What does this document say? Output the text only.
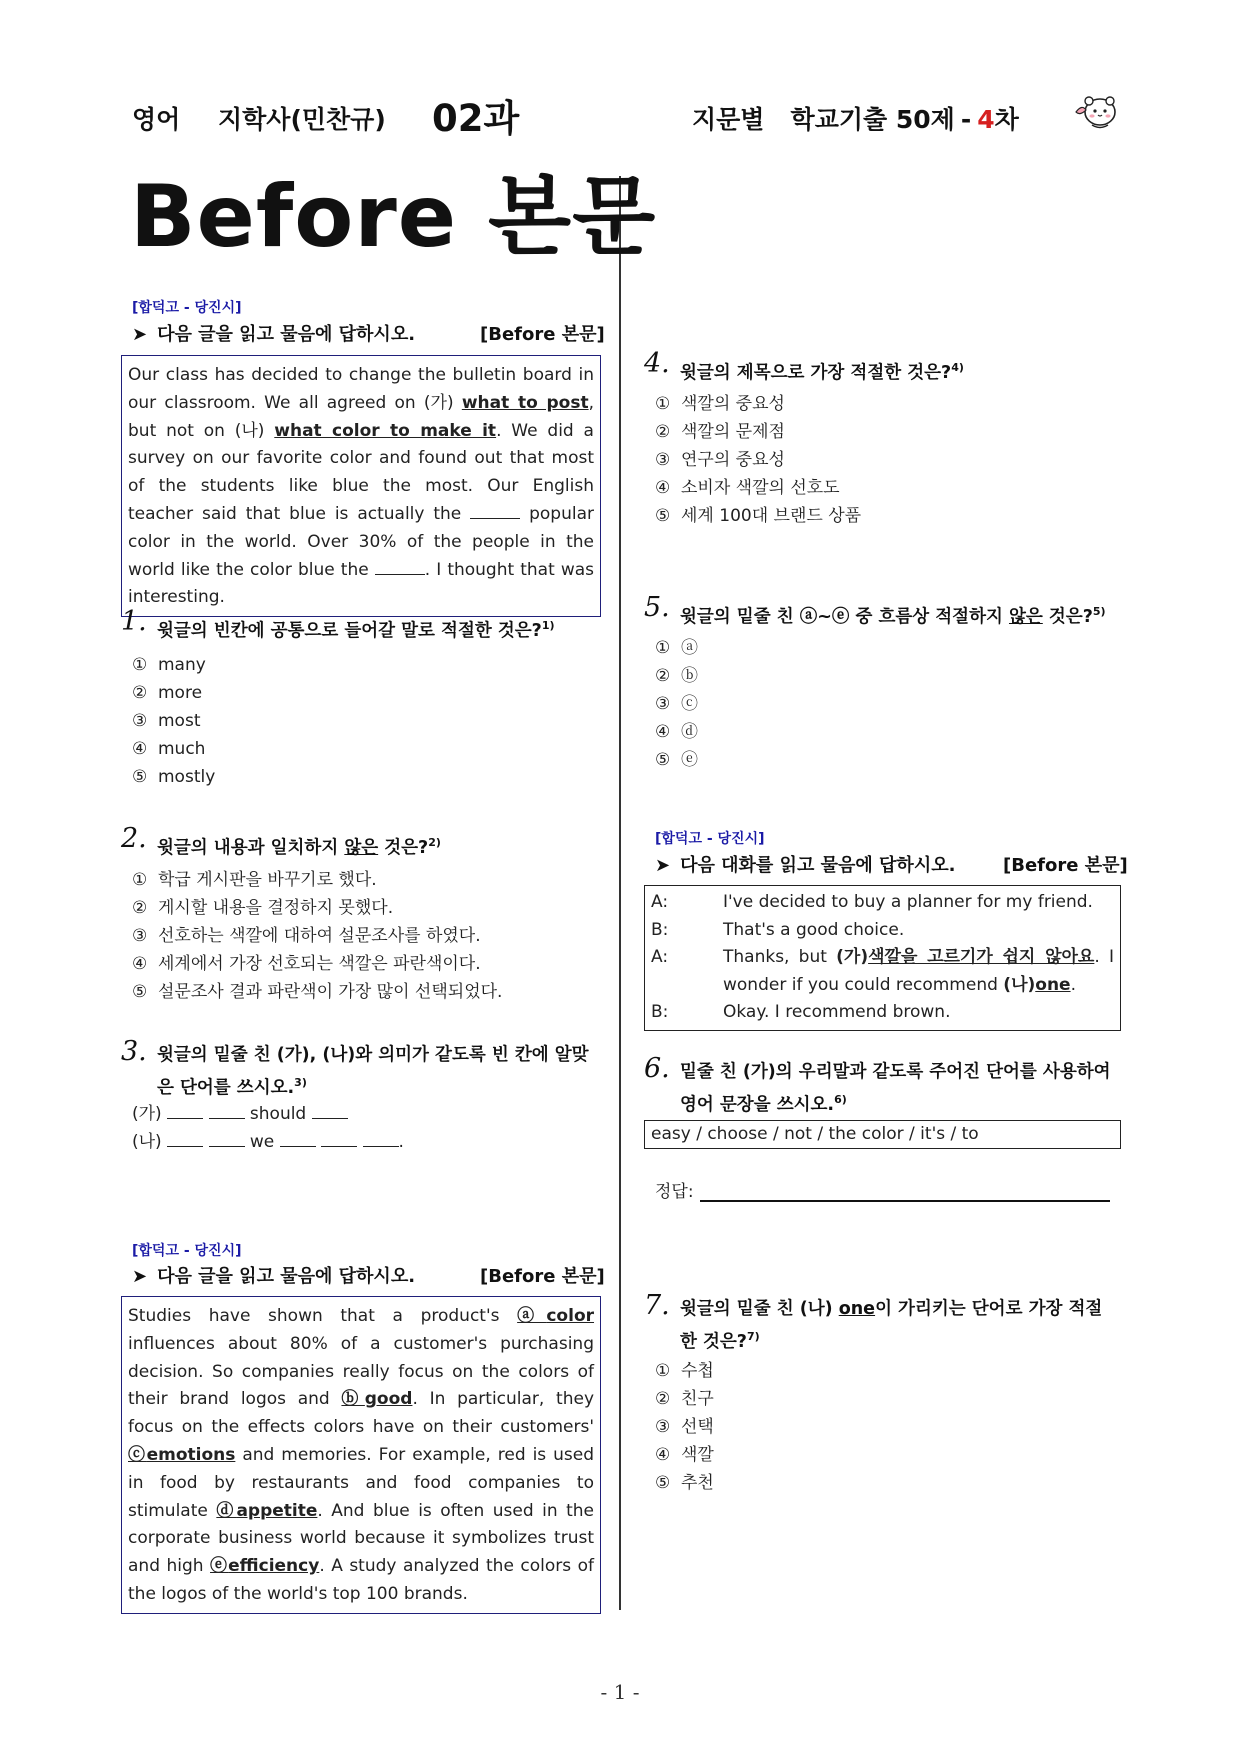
영어 지학사(민찬규) 02과	지문별   학교기출 50제 - 4차
Before 본문
[합덕고 - 당진시]
➤ 다음 글을 읽고 물음에 답하시오.	[Before 본문]
Our class has decided to change the bulletin board in our classroom. We all agreed on (가) what to post, but not on (나) what color to make it. We did a survey on our favorite color and found out that most of the students like blue the most. Our English teacher said that blue is actually the	popular color in the world. Over 30% of the people in the world like the color blue the	. I thought that was interesting.
1. 윗글의 빈칸에 공통으로 들어갈 말로 적절한 것은?$^{1)}$
① many
② more
③ most
④ much
⑤ mostly
2. 윗글의 내용과 일치하지 않은 것은?$^{2)}$
① 학급 게시판을 바꾸기로 했다.
② 게시할 내용을 결정하지 못했다.
③ 선호하는 색깔에 대하여 설문조사를 하였다.
④ 세계에서 가장 선호되는 색깔은 파란색이다.
⑤ 설문조사 결과 파란색이 가장 많이 선택되었다.
3. 윗글의 밑줄 친 (가), (나)와 의미가 같도록 빈 칸에 알맞
은 단어를 쓰시오.$^{3)}$
(가)	should
(나)	we	.
[합덕고 - 당진시]
➤ 다음 글을 읽고 물음에 답하시오.	[Before 본문]
Studies have shown that a product's ⓐcolor influences about 80% of a customer's purchasing decision. So companies really focus on the colors of their brand logos and ⓑgood. In particular, they focus on the effects colors have on their customers' ⓒemotions and memories. For example, red is used in food by restaurants and food companies to stimulate ⓓappetite. And blue is often used in the corporate business world because it symbolizes trust and high ⓔefficiency. A study analyzed the colors of the logos of the world's top 100 brands.
4. 윗글의 제목으로 가장 적절한 것은?$^{4)}$
① 색깔의 중요성
② 색깔의 문제점
③ 연구의 중요성
④ 소비자 색깔의 선호도
⑤ 세계 100대 브랜드 상품
5. 윗글의 밑줄 친 ⓐ~ⓔ 중 흐름상 적절하지 않은 것은?$^{5)}$
① ⓐ
② ⓑ
③ ⓒ
④ ⓓ
⑤ ⓔ
[합덕고 - 당진시]
➤ 다음 대화를 읽고 물음에 답하시오.	[Before 본문]
A:	I've decided to buy a planner for my friend.
B:	That's a good choice.
A:	Thanks, but (가)색깔을 고르기가 쉽지 않아요. I wonder if you could recommend (나)one.
B:	Okay. I recommend brown.
6. 밑줄 친 (가)의 우리말과 같도록 주어진 단어를 사용하여
영어 문장을 쓰시오.$^{6)}$
easy / choose / not / the color / it's / to
정답:
7. 윗글의 밑줄 친 (나) one이 가리키는 단어로 가장 적절
한 것은?$^{7)}$
① 수첩
② 친구
③ 선택
④ 색깔
⑤ 추천
- 1 -
